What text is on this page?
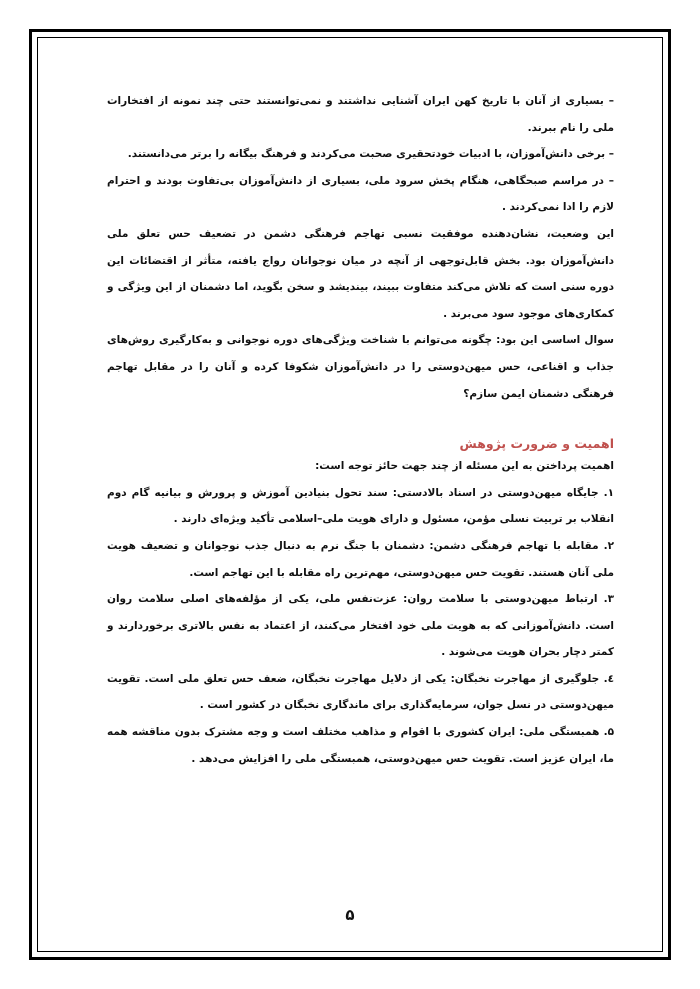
– بسیاری از آنان با تاریخ کهن ایران آشنایی نداشتند و نمی‌توانستند حتی چند نمونه از افتخارات ملی را نام ببرند.

– برخی دانش‌آموزان، با ادبیات خودتحقیری صحبت می‌کردند و فرهنگ بیگانه را برتر می‌دانستند.

– در مراسم صبحگاهی، هنگام پخش سرود ملی، بسیاری از دانش‌آموزان بی‌تفاوت بودند و احترام لازم را ادا نمی‌کردند .

این وضعیت، نشان‌دهنده موفقیت نسبی تهاجم فرهنگی دشمن در تضعیف حس تعلق ملی دانش‌آموزان بود. بخش قابل‌توجهی از آنچه در میان نوجوانان رواج یافته، متأثر از اقتضائات این دوره سنی است که تلاش می‌کند متفاوت ببیند، بیندیشد و سخن بگوید، اما دشمنان از این ویژگی و کمکاری‌های موجود سود می‌برند .

سوال اساسی این بود: چگونه می‌توانم با شناخت ویژگی‌های دوره نوجوانی و به‌کارگیری روش‌های جذاب و اقناعی، حس میهن‌دوستی را در دانش‌آموزان شکوفا کرده و آنان را در مقابل تهاجم فرهنگی دشمنان ایمن سازم؟

اهمیت و ضرورت پژوهش

اهمیت پرداختن به این مسئله از چند جهت حائز توجه است:

۱. جایگاه میهن‌دوستی در اسناد بالادستی: سند تحول بنیادین آموزش و پرورش و بیانیه گام دوم انقلاب بر تربیت نسلی مؤمن، مسئول و دارای هویت ملی–اسلامی تأکید ویژه‌ای دارند .

۲. مقابله با تهاجم فرهنگی دشمن: دشمنان با جنگ نرم به دنبال جذب نوجوانان و تضعیف هویت ملی آنان هستند. تقویت حس میهن‌دوستی، مهم‌ترین راه مقابله با این تهاجم است.

۳. ارتباط میهن‌دوستی با سلامت روان: عزت‌نفس ملی، یکی از مؤلفه‌های اصلی سلامت روان است. دانش‌آموزانی که به هویت ملی خود افتخار می‌کنند، از اعتماد به نفس بالاتری برخوردارند و کمتر دچار بحران هویت می‌شوند .

٤. جلوگیری از مهاجرت نخبگان: یکی از دلایل مهاجرت نخبگان، ضعف حس تعلق ملی است. تقویت میهن‌دوستی در نسل جوان، سرمایه‌گذاری برای ماندگاری نخبگان در کشور است .

۵. همبستگی ملی: ایران کشوری با اقوام و مذاهب مختلف است و وجه مشترک بدون مناقشه همه ما، ایران عزیز است. تقویت حس میهن‌دوستی، همبستگی ملی را افزایش می‌دهد .

۵
